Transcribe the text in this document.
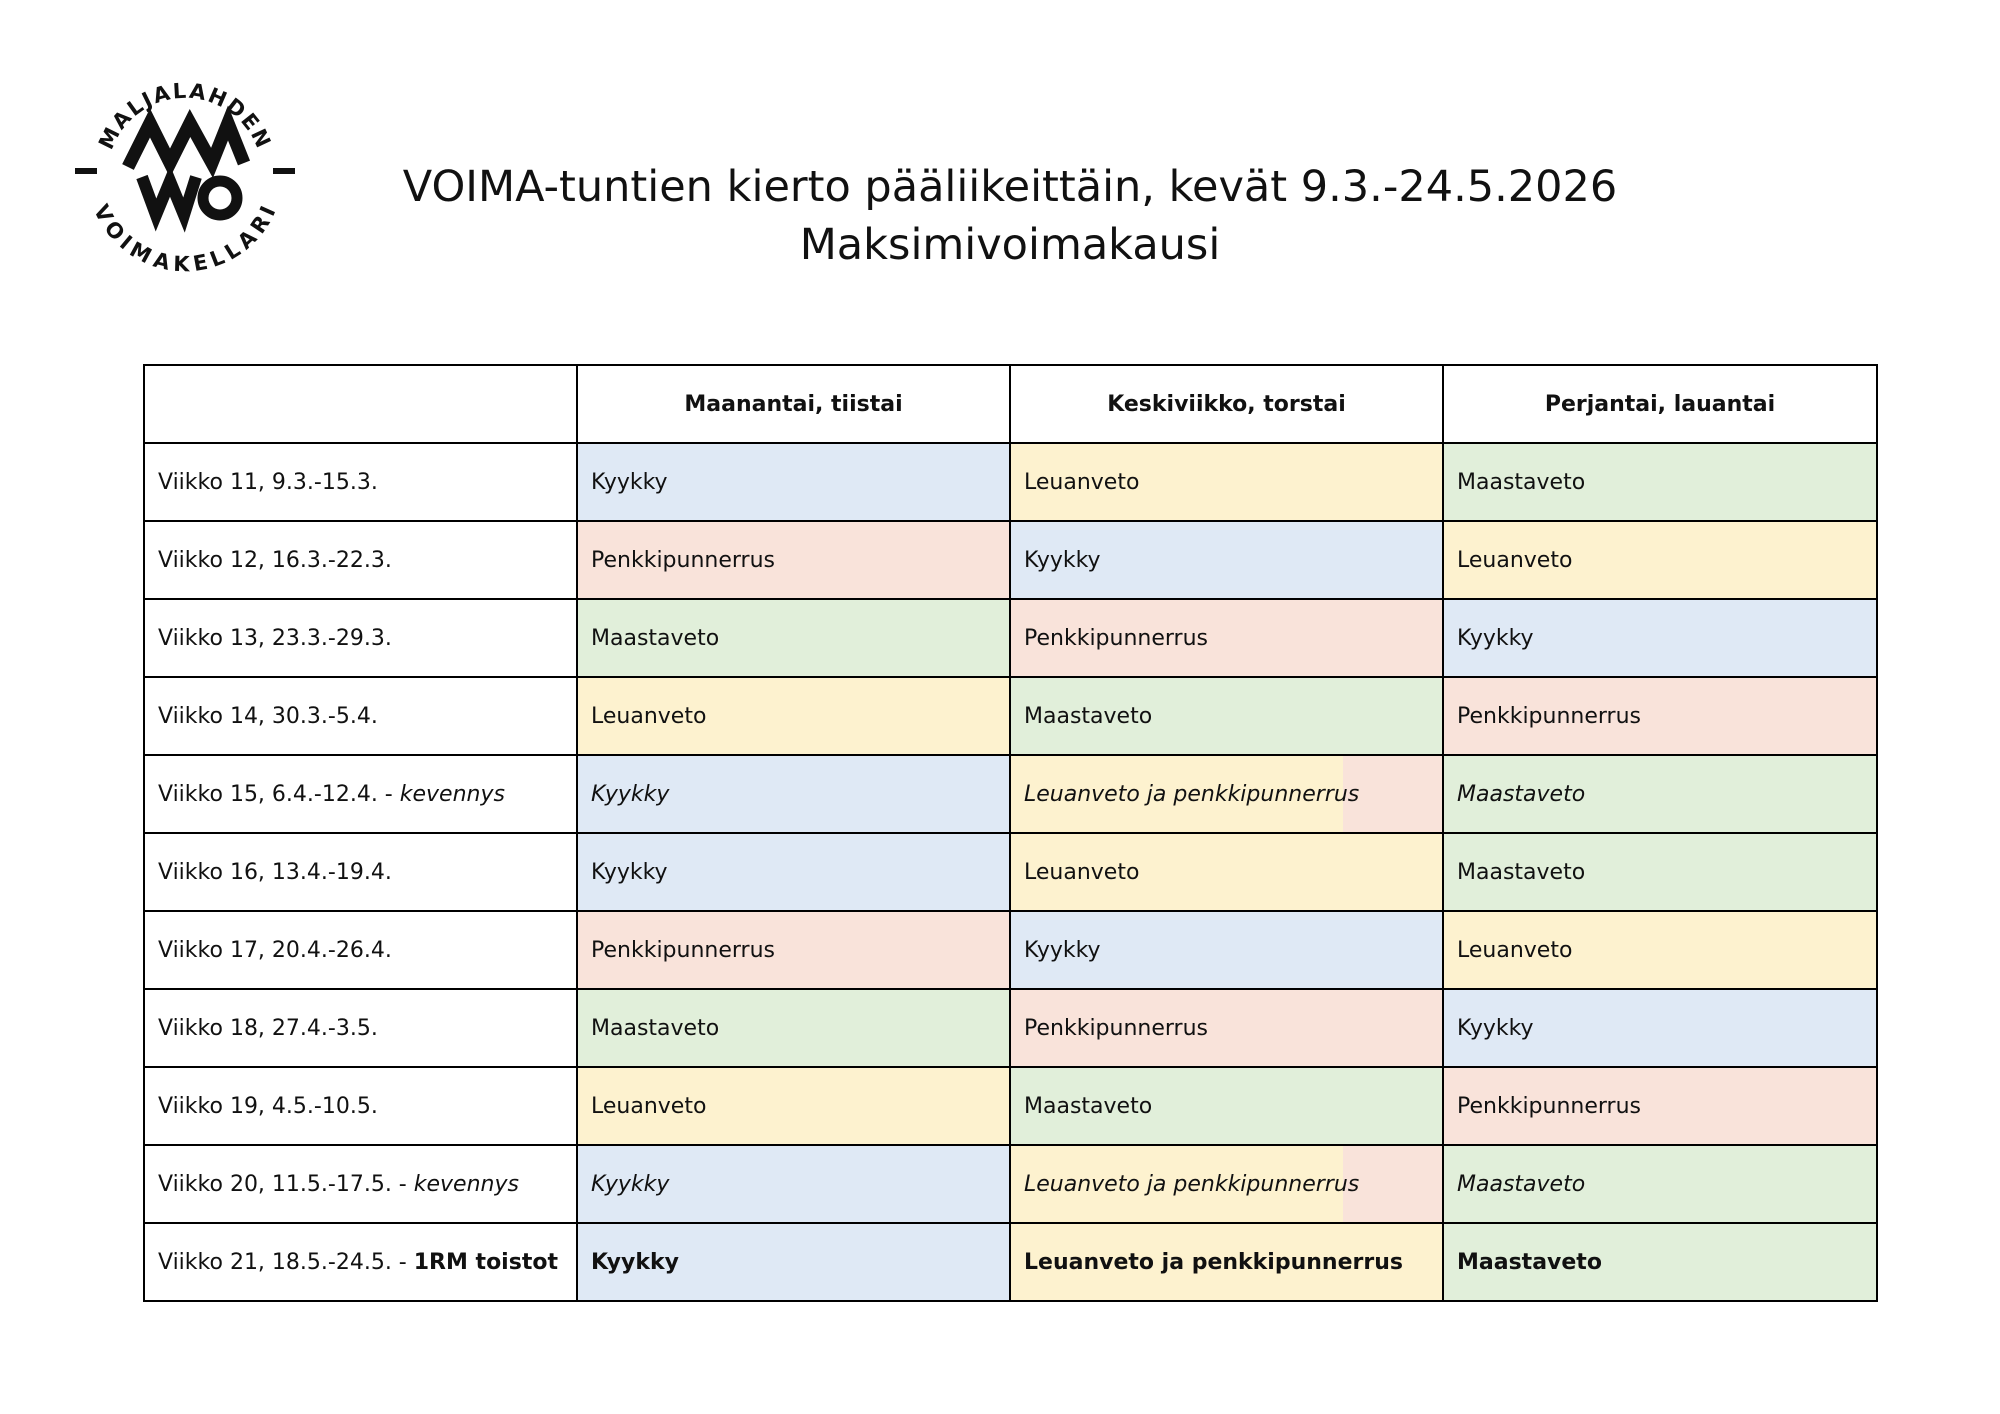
MALJALAHDEN
VOIMAKELLARI	VOIMA-tuntien kierto pääliikeittäin, kevät 9.3.-24.5.2026
Maksimivoimakausi
	Maanantai, tiistai	Keskiviikko, torstai	Perjantai, lauantai
Viikko 11, 9.3.-15.3.	Kyykky	Leuanveto	Maastaveto
Viikko 12, 16.3.-22.3.	Penkkipunnerrus	Kyykky	Leuanveto
Viikko 13, 23.3.-29.3.	Maastaveto	Penkkipunnerrus	Kyykky
Viikko 14, 30.3.-5.4.	Leuanveto	Maastaveto	Penkkipunnerrus
Viikko 15, 6.4.-12.4. - kevennys	Kyykky	Leuanveto ja penkkipunnerrus	Maastaveto
Viikko 16, 13.4.-19.4.	Kyykky	Leuanveto	Maastaveto
Viikko 17, 20.4.-26.4.	Penkkipunnerrus	Kyykky	Leuanveto
Viikko 18, 27.4.-3.5.	Maastaveto	Penkkipunnerrus	Kyykky
Viikko 19, 4.5.-10.5.	Leuanveto	Maastaveto	Penkkipunnerrus
Viikko 20, 11.5.-17.5. - kevennys	Kyykky	Leuanveto ja penkkipunnerrus	Maastaveto
Viikko 21, 18.5.-24.5. - 1RM toistot	Kyykky	Leuanveto ja penkkipunnerrus	Maastaveto
